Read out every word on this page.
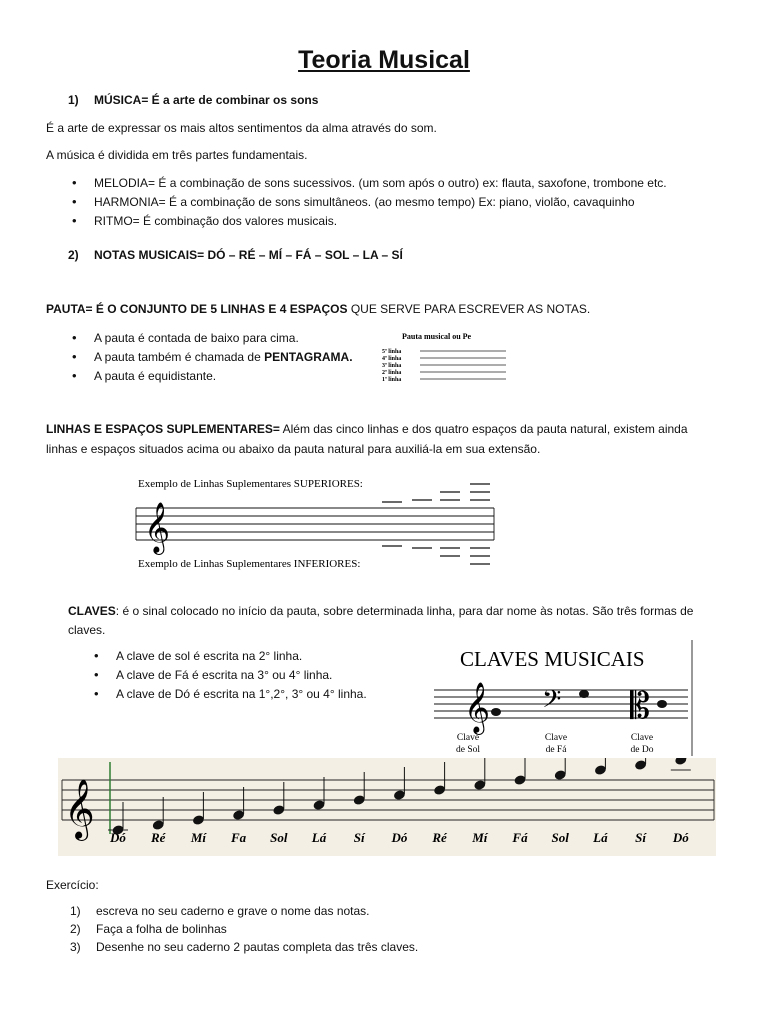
Teoria Musical
1) MÚSICA= É a arte de combinar os sons
É a arte de expressar os mais altos sentimentos da alma através do som.
A música é dividida em três partes fundamentais.
• MELODIA= É a combinação de sons sucessivos. (um som após o outro) ex: flauta, saxofone, trombone etc.
• HARMONIA= É a combinação de sons simultâneos. (ao mesmo tempo) Ex: piano, violão, cavaquinho
• RITMO= É combinação dos valores musicais.
2) NOTAS MUSICAIS= DÓ – RÉ – MÍ – FÁ – SOL – LA – SÍ
PAUTA= É O CONJUNTO DE 5 LINHAS E 4 ESPAÇOS QUE SERVE PARA ESCREVER AS NOTAS.
• A pauta é contada de baixo para cima.
• A pauta também é chamada de PENTAGRAMA.
• A pauta é equidistante.
Pauta musical ou Pe
5ª linha
4ª linha
3ª linha
2ª linha
1ª linha
LINHAS E ESPAÇOS SUPLEMENTARES= Além das cinco linhas e dos quatro espaços da pauta natural, existem ainda linhas e espaços situados acima ou abaixo da pauta natural para auxiliá-la em sua extensão.
Exemplo de Linhas Suplementares SUPERIORES:
Exemplo de Linhas Suplementares INFERIORES:
𝄞
CLAVES: é o sinal colocado no início da pauta, sobre determinada linha, para dar nome às notas. São três formas de claves.
• A clave de sol é escrita na 2° linha.
• A clave de Fá é escrita na 3° ou 4° linha.
• A clave de Dó é escrita na 1°,2°, 3° ou 4° linha.
CLAVES MUSICAIS
𝄞 𝄢 𝄡
Clave
de Sol
Clave
de Fá
Clave
de Do
𝄞 Dó Ré Mí Fa Sol Lá Sí Dó Ré Mí Fá Sol Lá Sí Dó
Exercício:
1) escreva no seu caderno e grave o nome das notas.
2) Faça a folha de bolinhas
3) Desenhe no seu caderno 2 pautas completa das três claves.
